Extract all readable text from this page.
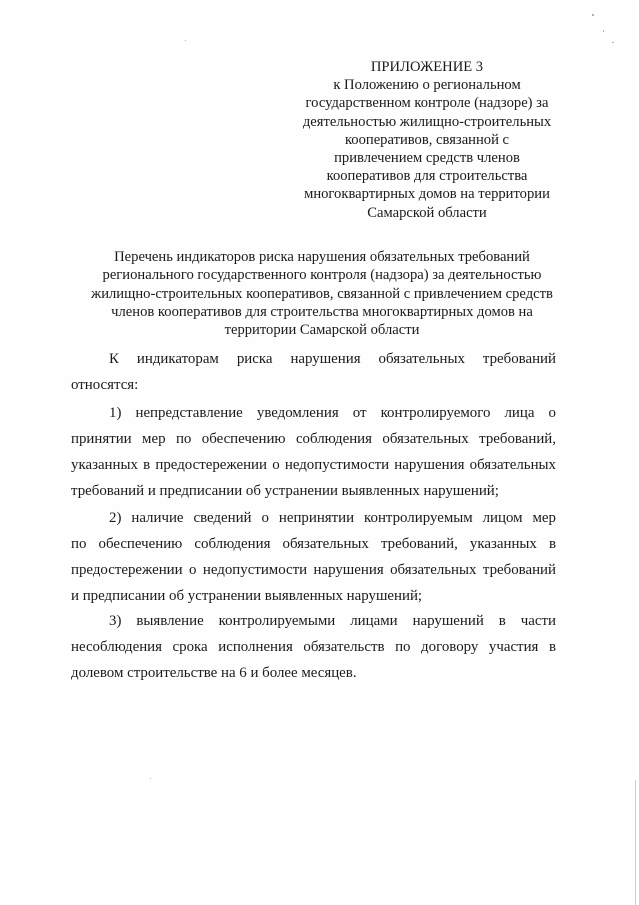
ПРИЛОЖЕНИЕ 3
к Положению о региональном
государственном контроле (надзоре) за
деятельностью жилищно-строительных
кооперативов, связанной с
привлечением средств членов
кооперативов для строительства
многоквартирных домов на территории
Самарской области
Перечень индикаторов риска нарушения обязательных требований
регионального государственного контроля (надзора) за деятельностью
жилищно-строительных кооперативов, связанной с привлечением средств
членов кооперативов для строительства многоквартирных домов на
территории Самарской области
К индикаторам риска нарушения обязательных требований
относятся:
1) непредставление уведомления от контролируемого лица о
принятии мер по обеспечению соблюдения обязательных требований,
указанных в предостережении о недопустимости нарушения обязательных
требований и предписании об устранении выявленных нарушений;
2) наличие сведений о непринятии контролируемым лицом мер
по обеспечению соблюдения обязательных требований, указанных в
предостережении о недопустимости нарушения обязательных требований
и предписании об устранении выявленных нарушений;
3) выявление контролируемыми лицами нарушений в части
несоблюдения срока исполнения обязательств по договору участия в
долевом строительстве на 6 и более месяцев.
